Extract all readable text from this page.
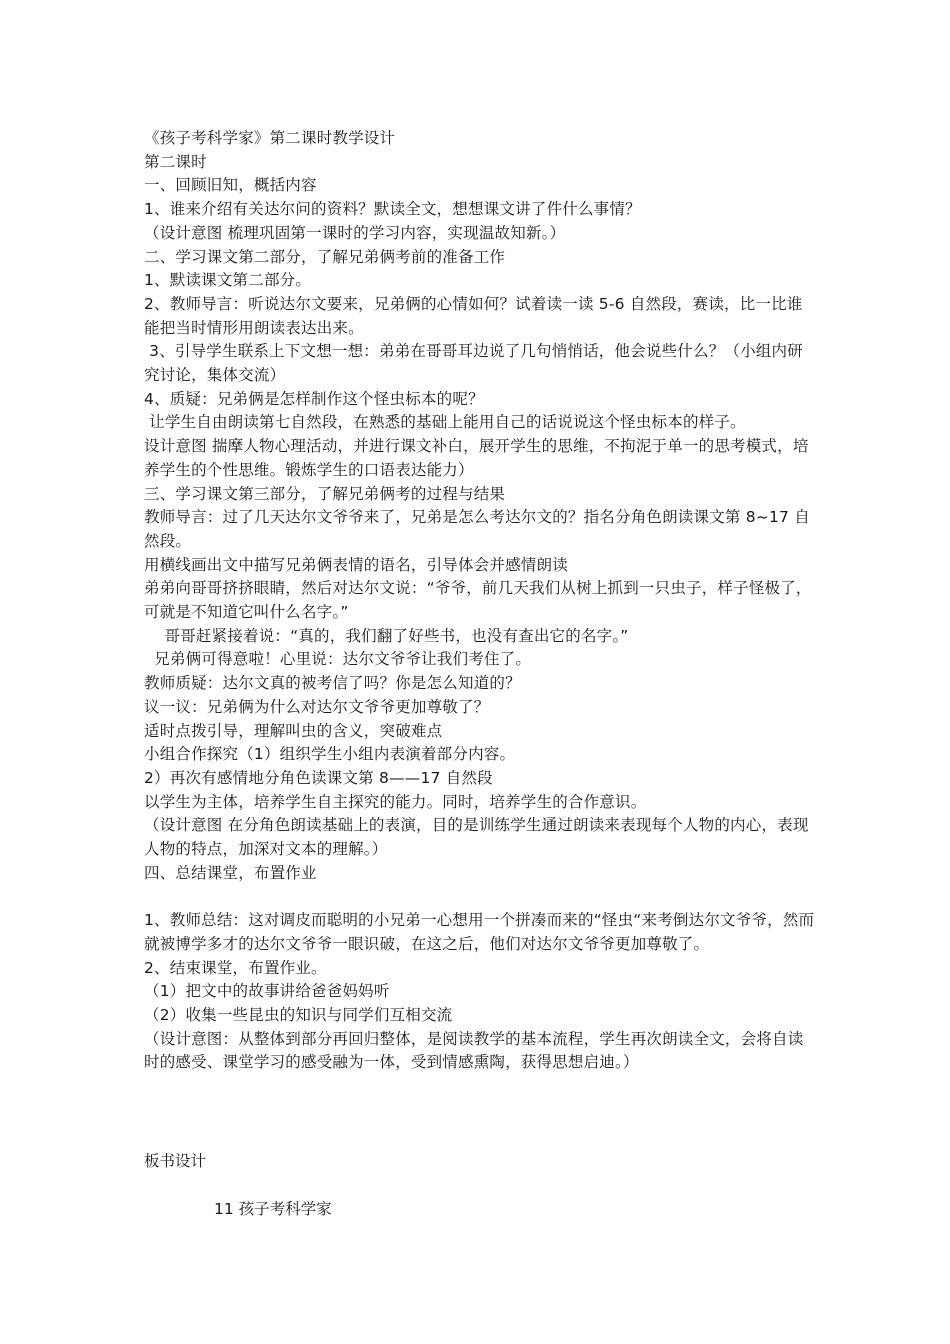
《孩子考科学家》第二课时教学设计

第二课时

一、回顾旧知，概括内容

1、谁来介绍有关达尔问的资料？默读全文，想想课文讲了件什么事情？

（设计意图 梳理巩固第一课时的学习内容，实现温故知新。）

二、学习课文第二部分，了解兄弟俩考前的准备工作

1、默读课文第二部分。

2、教师导言：听说达尔文要来，兄弟俩的心情如何？试着读一读 5-6 自然段，赛读，比一比谁能把当时情形用朗读表达出来。

3、引导学生联系上下文想一想：弟弟在哥哥耳边说了几句悄悄话，他会说些什么？（小组内研究讨论，集体交流）

4、质疑：兄弟俩是怎样制作这个怪虫标本的呢？

让学生自由朗读第七自然段，在熟悉的基础上能用自己的话说说这个怪虫标本的样子。

设计意图 揣摩人物心理活动，并进行课文补白，展开学生的思维，不拘泥于单一的思考模式，培养学生的个性思维。锻炼学生的口语表达能力）

三、学习课文第三部分，了解兄弟俩考的过程与结果

教师导言：过了几天达尔文爷爷来了，兄弟是怎么考达尔文的？指名分角色朗读课文第 8~17 自然段。

用横线画出文中描写兄弟俩表情的语名，引导体会并感情朗读

弟弟向哥哥挤挤眼睛，然后对达尔文说：“爷爷，前几天我们从树上抓到一只虫子，样子怪极了，可就是不知道它叫什么名字。”

哥哥赶紧接着说：“真的，我们翻了好些书，也没有查出它的名字。”

兄弟俩可得意啦！心里说：达尔文爷爷让我们考住了。

教师质疑：达尔文真的被考信了吗？你是怎么知道的？

议一议：兄弟俩为什么对达尔文爷爷更加尊敬了？

适时点拨引导，理解叫虫的含义，突破难点

小组合作探究（1）组织学生小组内表演着部分内容。

2）再次有感情地分角色读课文第 8——17 自然段

以学生为主体，培养学生自主探究的能力。同时，培养学生的合作意识。

（设计意图 在分角色朗读基础上的表演，目的是训练学生通过朗读来表现每个人物的内心，表现人物的特点，加深对文本的理解。）

四、总结课堂，布置作业

1、教师总结：这对调皮而聪明的小兄弟一心想用一个拼凑而来的“怪虫“来考倒达尔文爷爷，然而就被博学多才的达尔文爷爷一眼识破，在这之后，他们对达尔文爷爷更加尊敬了。

2、结束课堂，布置作业。

（1）把文中的故事讲给爸爸妈妈听

（2）收集一些昆虫的知识与同学们互相交流

（设计意图：从整体到部分再回归整体，是阅读教学的基本流程，学生再次朗读全文，会将自读时的感受、课堂学习的感受融为一体，受到情感熏陶，获得思想启迪。）

板书设计
11 孩子考科学家
